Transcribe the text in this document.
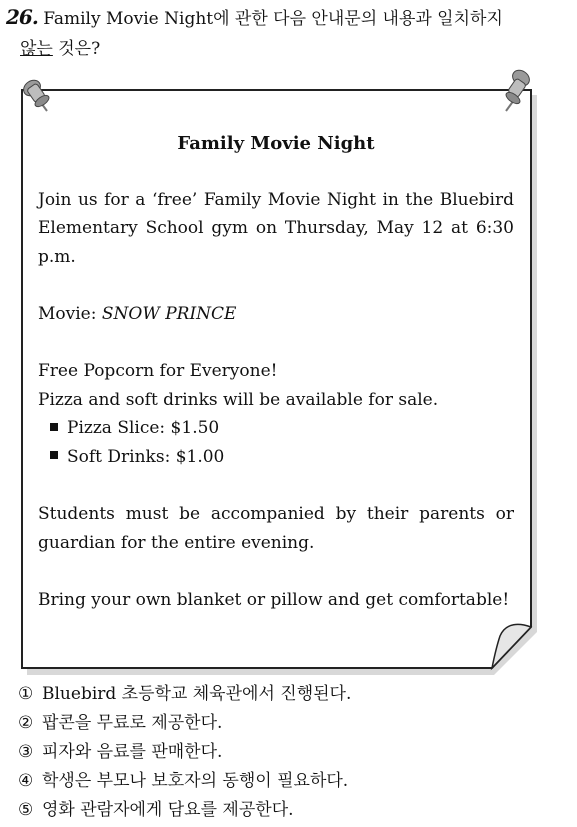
26. Family Movie Night에 관한 다음 안내문의 내용과 일치하지
않는 것은?
Family Movie Night
Join us for a ‘free’ Family Movie Night in the Bluebird
Elementary School gym on Thursday, May 12 at 6:30
p.m.
Movie: SNOW PRINCE
Free Popcorn for Everyone!
Pizza and soft drinks will be available for sale.
Pizza Slice: $1.50
Soft Drinks: $1.00
Students must be accompanied by their parents or
guardian for the entire evening.
Bring your own blanket or pillow and get comfortable!
① Bluebird 초등학교 체육관에서 진행된다.
② 팝콘을 무료로 제공한다.
③ 피자와 음료를 판매한다.
④ 학생은 부모나 보호자의 동행이 필요하다.
⑤ 영화 관람자에게 담요를 제공한다.
